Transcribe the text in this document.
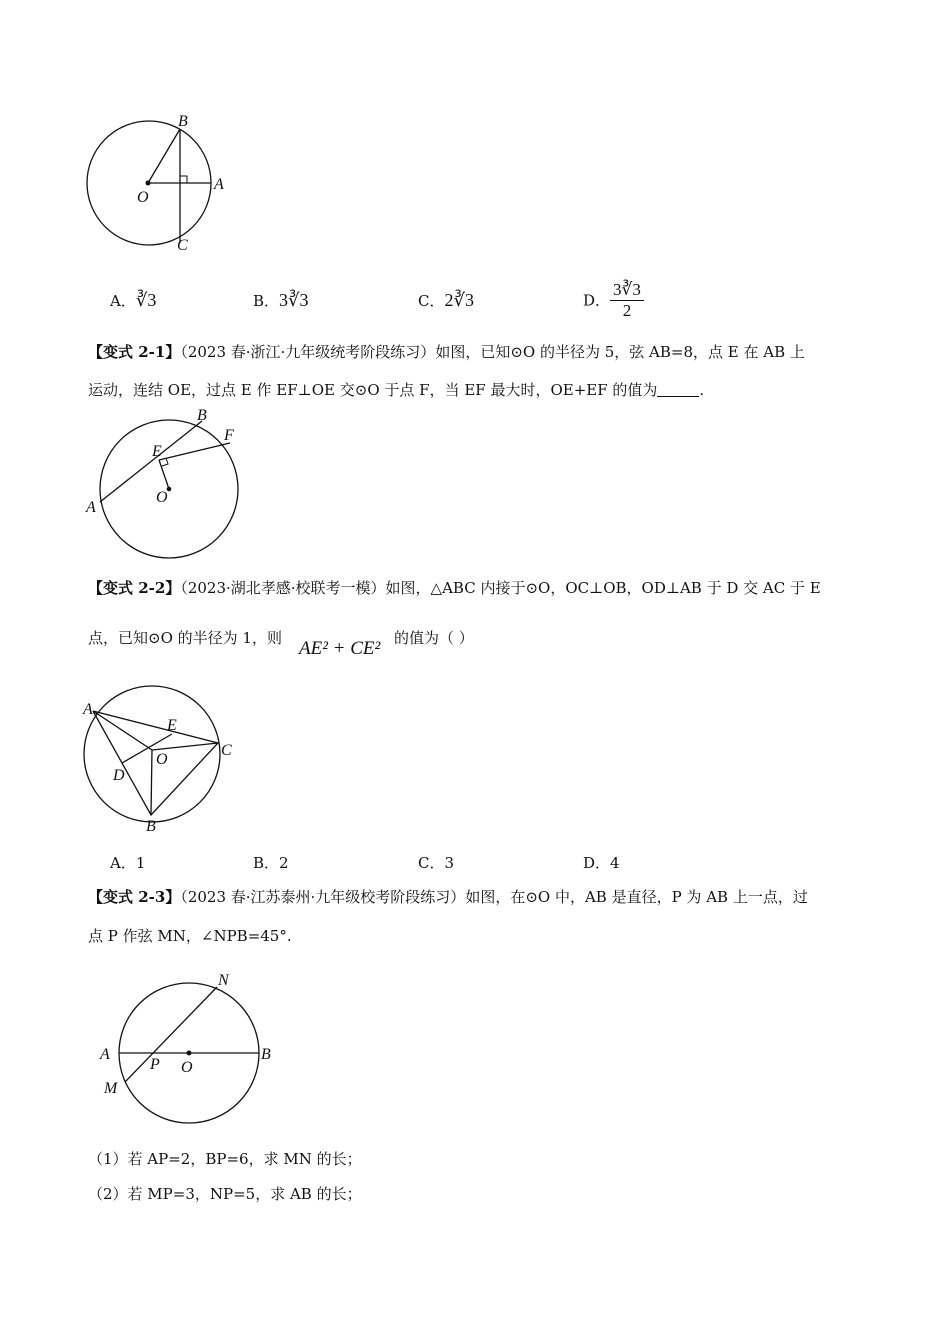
B
O
A
C
A．∛3	B．3∛3	C．2∛3	D． $\frac{3∛3}{2}$
【变式 2-1】（2023 春·浙江·九年级统考阶段练习）如图，已知⊙O 的半径为 5，弦 AB=8，点 E 在 AB 上
运动，连结 OE，过点 E 作 EF⊥OE 交⊙O 于点 F，当 EF 最大时，OE+EF 的值为	.
B
F
E
A
O
【变式 2-2】（2023·湖北孝感·校联考一模）如图，△ABC 内接于⊙O，OC⊥OB，OD⊥AB 于 D 交 AC 于 E
点，已知⊙O 的半径为 1，则 AE² + CE² 的值为（ ）
A
E
C
O
D
B
A．1	B．2	C．3	D．4
【变式 2-3】（2023 春·江苏泰州·九年级校考阶段练习）如图，在⊙O 中，AB 是直径，P 为 AB 上一点，过
点 P 作弦 MN，∠NPB=45°.
N
A	B
P O
M
（1）若 AP=2，BP=6，求 MN 的长；
（2）若 MP=3，NP=5，求 AB 的长；
